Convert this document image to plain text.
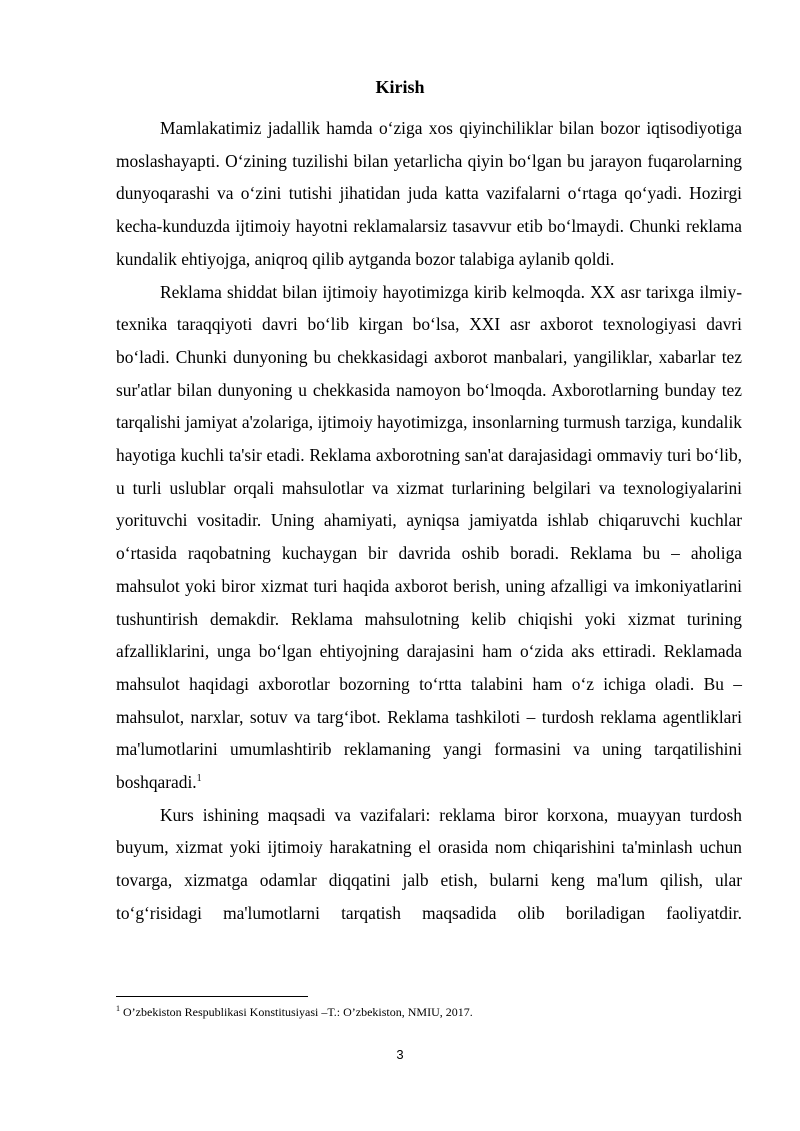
Kirish

Mamlakatimiz jadallik hamda o‘ziga xos qiyinchiliklar bilan bozor iqtisodiyotiga moslashayapti. O‘zining tuzilishi bilan yetarlicha qiyin bo‘lgan bu jarayon fuqarolarning dunyoqarashi va o‘zini tutishi jihatidan juda katta vazifalarni o‘rtaga qo‘yadi. Hozirgi kecha-kunduzda ijtimoiy hayotni reklamalarsiz tasavvur etib bo‘lmaydi. Chunki reklama kundalik ehtiyojga, aniqroq qilib aytganda bozor talabiga aylanib qoldi.

Reklama shiddat bilan ijtimoiy hayotimizga kirib kelmoqda. XX asr tarixga ilmiy-texnika taraqqiyoti davri bo‘lib kirgan bo‘lsa, XXI asr axborot texnologiyasi davri bo‘ladi. Chunki dunyoning bu chekkasidagi axborot manbalari, yangiliklar, xabarlar tez sur'atlar bilan dunyoning u chekkasida namoyon bo‘lmoqda. Axborotlarning bunday tez tarqalishi jamiyat a'zolariga, ijtimoiy hayotimizga, insonlarning turmush tarziga, kundalik hayotiga kuchli ta'sir etadi. Reklama axborotning san'at darajasidagi ommaviy turi bo‘lib, u turli uslublar orqali mahsulotlar va xizmat turlarining belgilari va texnologiyalarini yorituvchi vositadir. Uning ahamiyati, ayniqsa jamiyatda ishlab chiqaruvchi kuchlar o‘rtasida raqobatning kuchaygan bir davrida oshib boradi. Reklama bu – aholiga mahsulot yoki biror xizmat turi haqida axborot berish, uning afzalligi va imkoniyatlarini tushuntirish demakdir. Reklama mahsulotning kelib chiqishi yoki xizmat turining afzalliklarini, unga bo‘lgan ehtiyojning darajasini ham o‘zida aks ettiradi. Reklamada mahsulot haqidagi axborotlar bozorning to‘rtta talabini ham o‘z ichiga oladi. Bu – mahsulot, narxlar, sotuv va targ‘ibot. Reklama tashkiloti – turdosh reklama agentliklari ma'lumotlarini umumlashtirib reklamaning yangi formasini va uning tarqatilishini boshqaradi.$^1$

Kurs ishining maqsadi va vazifalari: reklama biror korxona, muayyan turdosh buyum, xizmat yoki ijtimoiy harakatning el orasida nom chiqarishini ta'minlash uchun tovarga, xizmatga odamlar diqqatini jalb etish, bularni keng ma'lum qilish, ular to‘g‘risidagi ma'lumotlarni tarqatish maqsadida olib boriladigan faoliyatdir.

$^1$ O’zbekiston Respublikasi Konstitusiyasi –T.: O’zbekiston, NMIU, 2017.
3
